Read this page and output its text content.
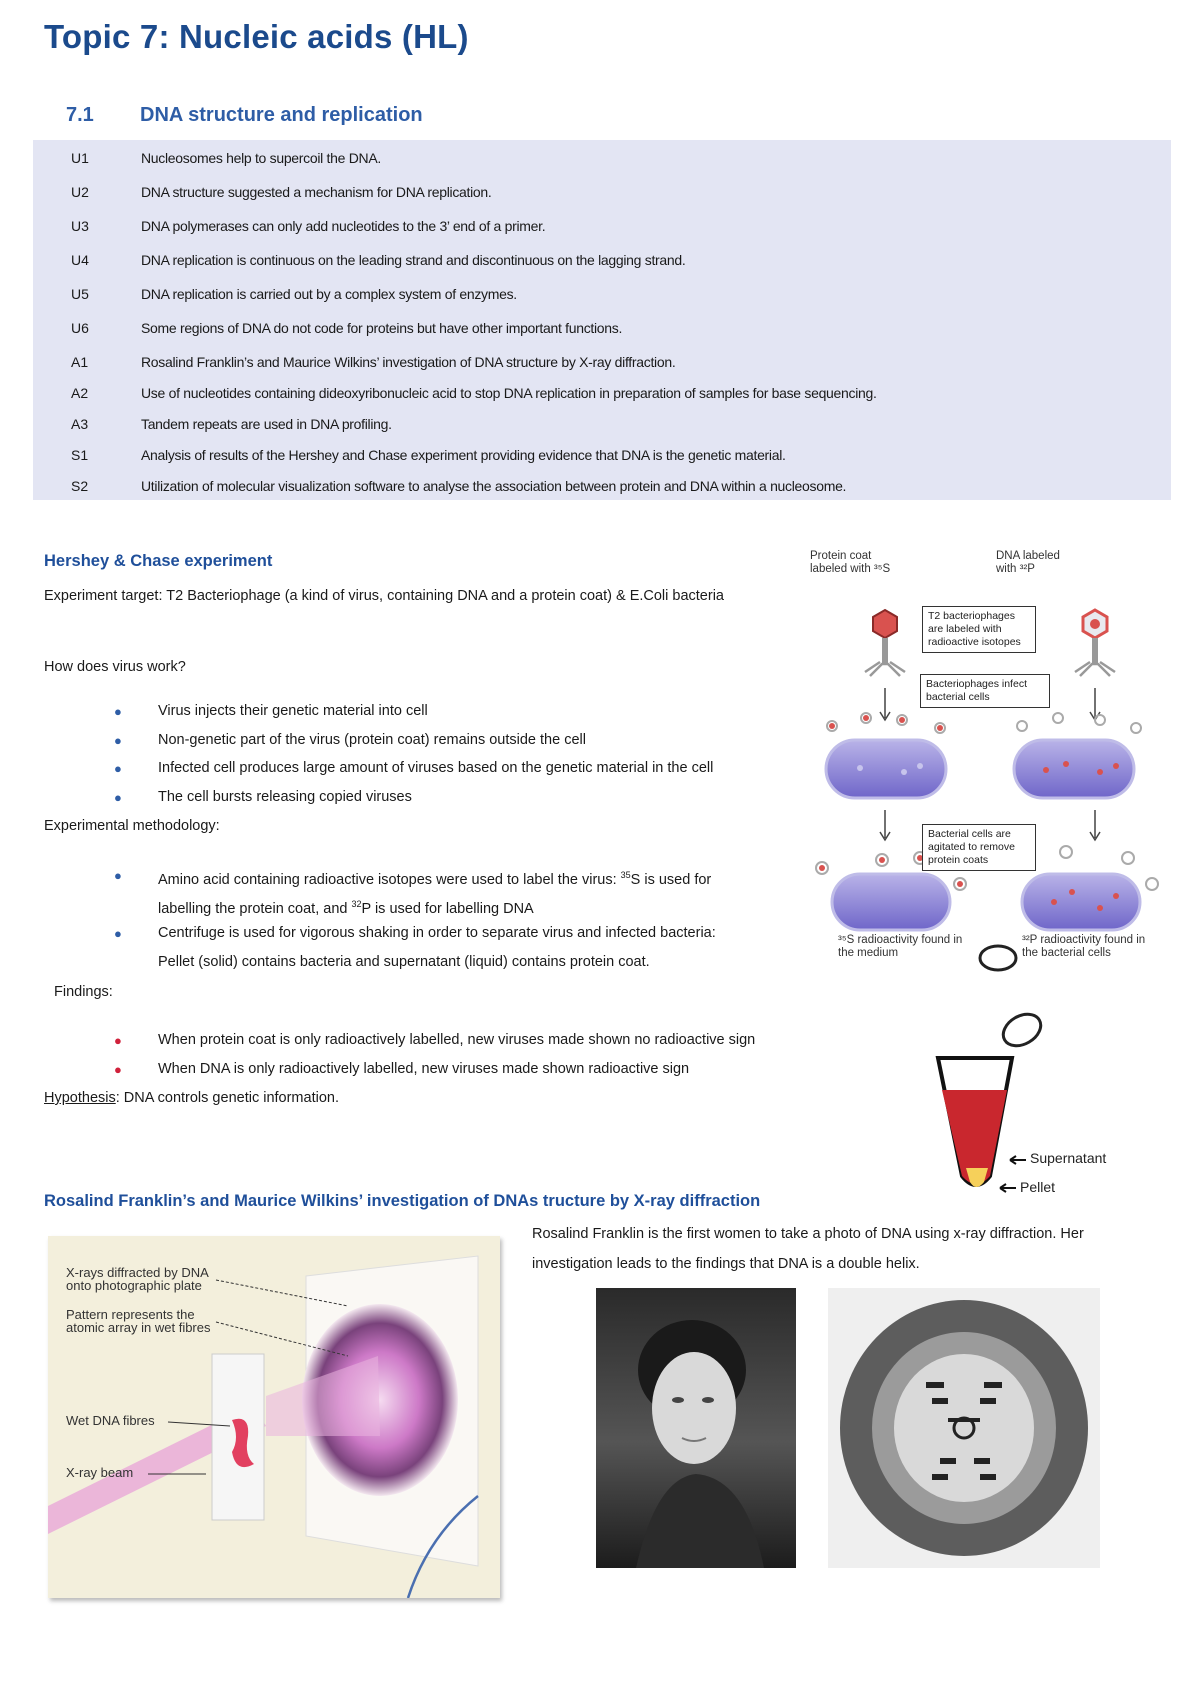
Topic 7: Nucleic acids (HL)
7.1 DNA structure and replication
U1	Nucleosomes help to supercoil the DNA.
U2	DNA structure suggested a mechanism for DNA replication.
U3	DNA polymerases can only add nucleotides to the 3’ end of a primer.
U4	DNA replication is continuous on the leading strand and discontinuous on the lagging strand.
U5	DNA replication is carried out by a complex system of enzymes.
U6	Some regions of DNA do not code for proteins but have other important functions.
A1	Rosalind Franklin’s and Maurice Wilkins’ investigation of DNA structure by X-ray diffraction.
A2	Use of nucleotides containing dideoxyribonucleic acid to stop DNA replication in preparation of samples for base sequencing.
A3	Tandem repeats are used in DNA profiling.
S1	Analysis of results of the Hershey and Chase experiment providing evidence that DNA is the genetic material.
S2	Utilization of molecular visualization software to analyse the association between protein and DNA within a nucleosome.
Hershey & Chase experiment
Experiment target: T2 Bacteriophage (a kind of virus, containing DNA and a protein coat) & E.Coli bacteria
How does virus work?
● Virus injects their genetic material into cell
● Non-genetic part of the virus (protein coat) remains outside the cell
● Infected cell produces large amount of viruses based on the genetic material in the cell
● The cell bursts releasing copied viruses
Experimental methodology:
● Amino acid containing radioactive isotopes were used to label the virus: $^{35}$S is used for
labelling the protein coat, and $^{32}$P is used for labelling DNA
● Centrifuge is used for vigorous shaking in order to separate virus and infected bacteria:
Pellet (solid) contains bacteria and supernatant (liquid) contains protein coat.
Findings:
● When protein coat is only radioactively labelled, new viruses made shown no radioactive sign
● When DNA is only radioactively labelled, new viruses made shown radioactive sign
Hypothesis: DNA controls genetic information.
Protein coat labeled with ³⁵S
DNA labeled with ³²P
T2 bacteriophages are labeled with radioactive isotopes
Bacteriophages infect bacterial cells
Bacterial cells are agitated to remove protein coats
³⁵S radioactivity found in the medium
³²P radioactivity found in the bacterial cells
Supernatant
Pellet
Rosalind Franklin’s and Maurice Wilkins’ investigation of DNAs tructure by X-ray diffraction
Rosalind Franklin is the first women to take a photo of DNA using x-ray diffraction. Her
investigation leads to the findings that DNA is a double helix.
X-rays diffracted by DNA onto photographic plate
Pattern represents the atomic array in wet fibres
Wet DNA fibres
X-ray beam
